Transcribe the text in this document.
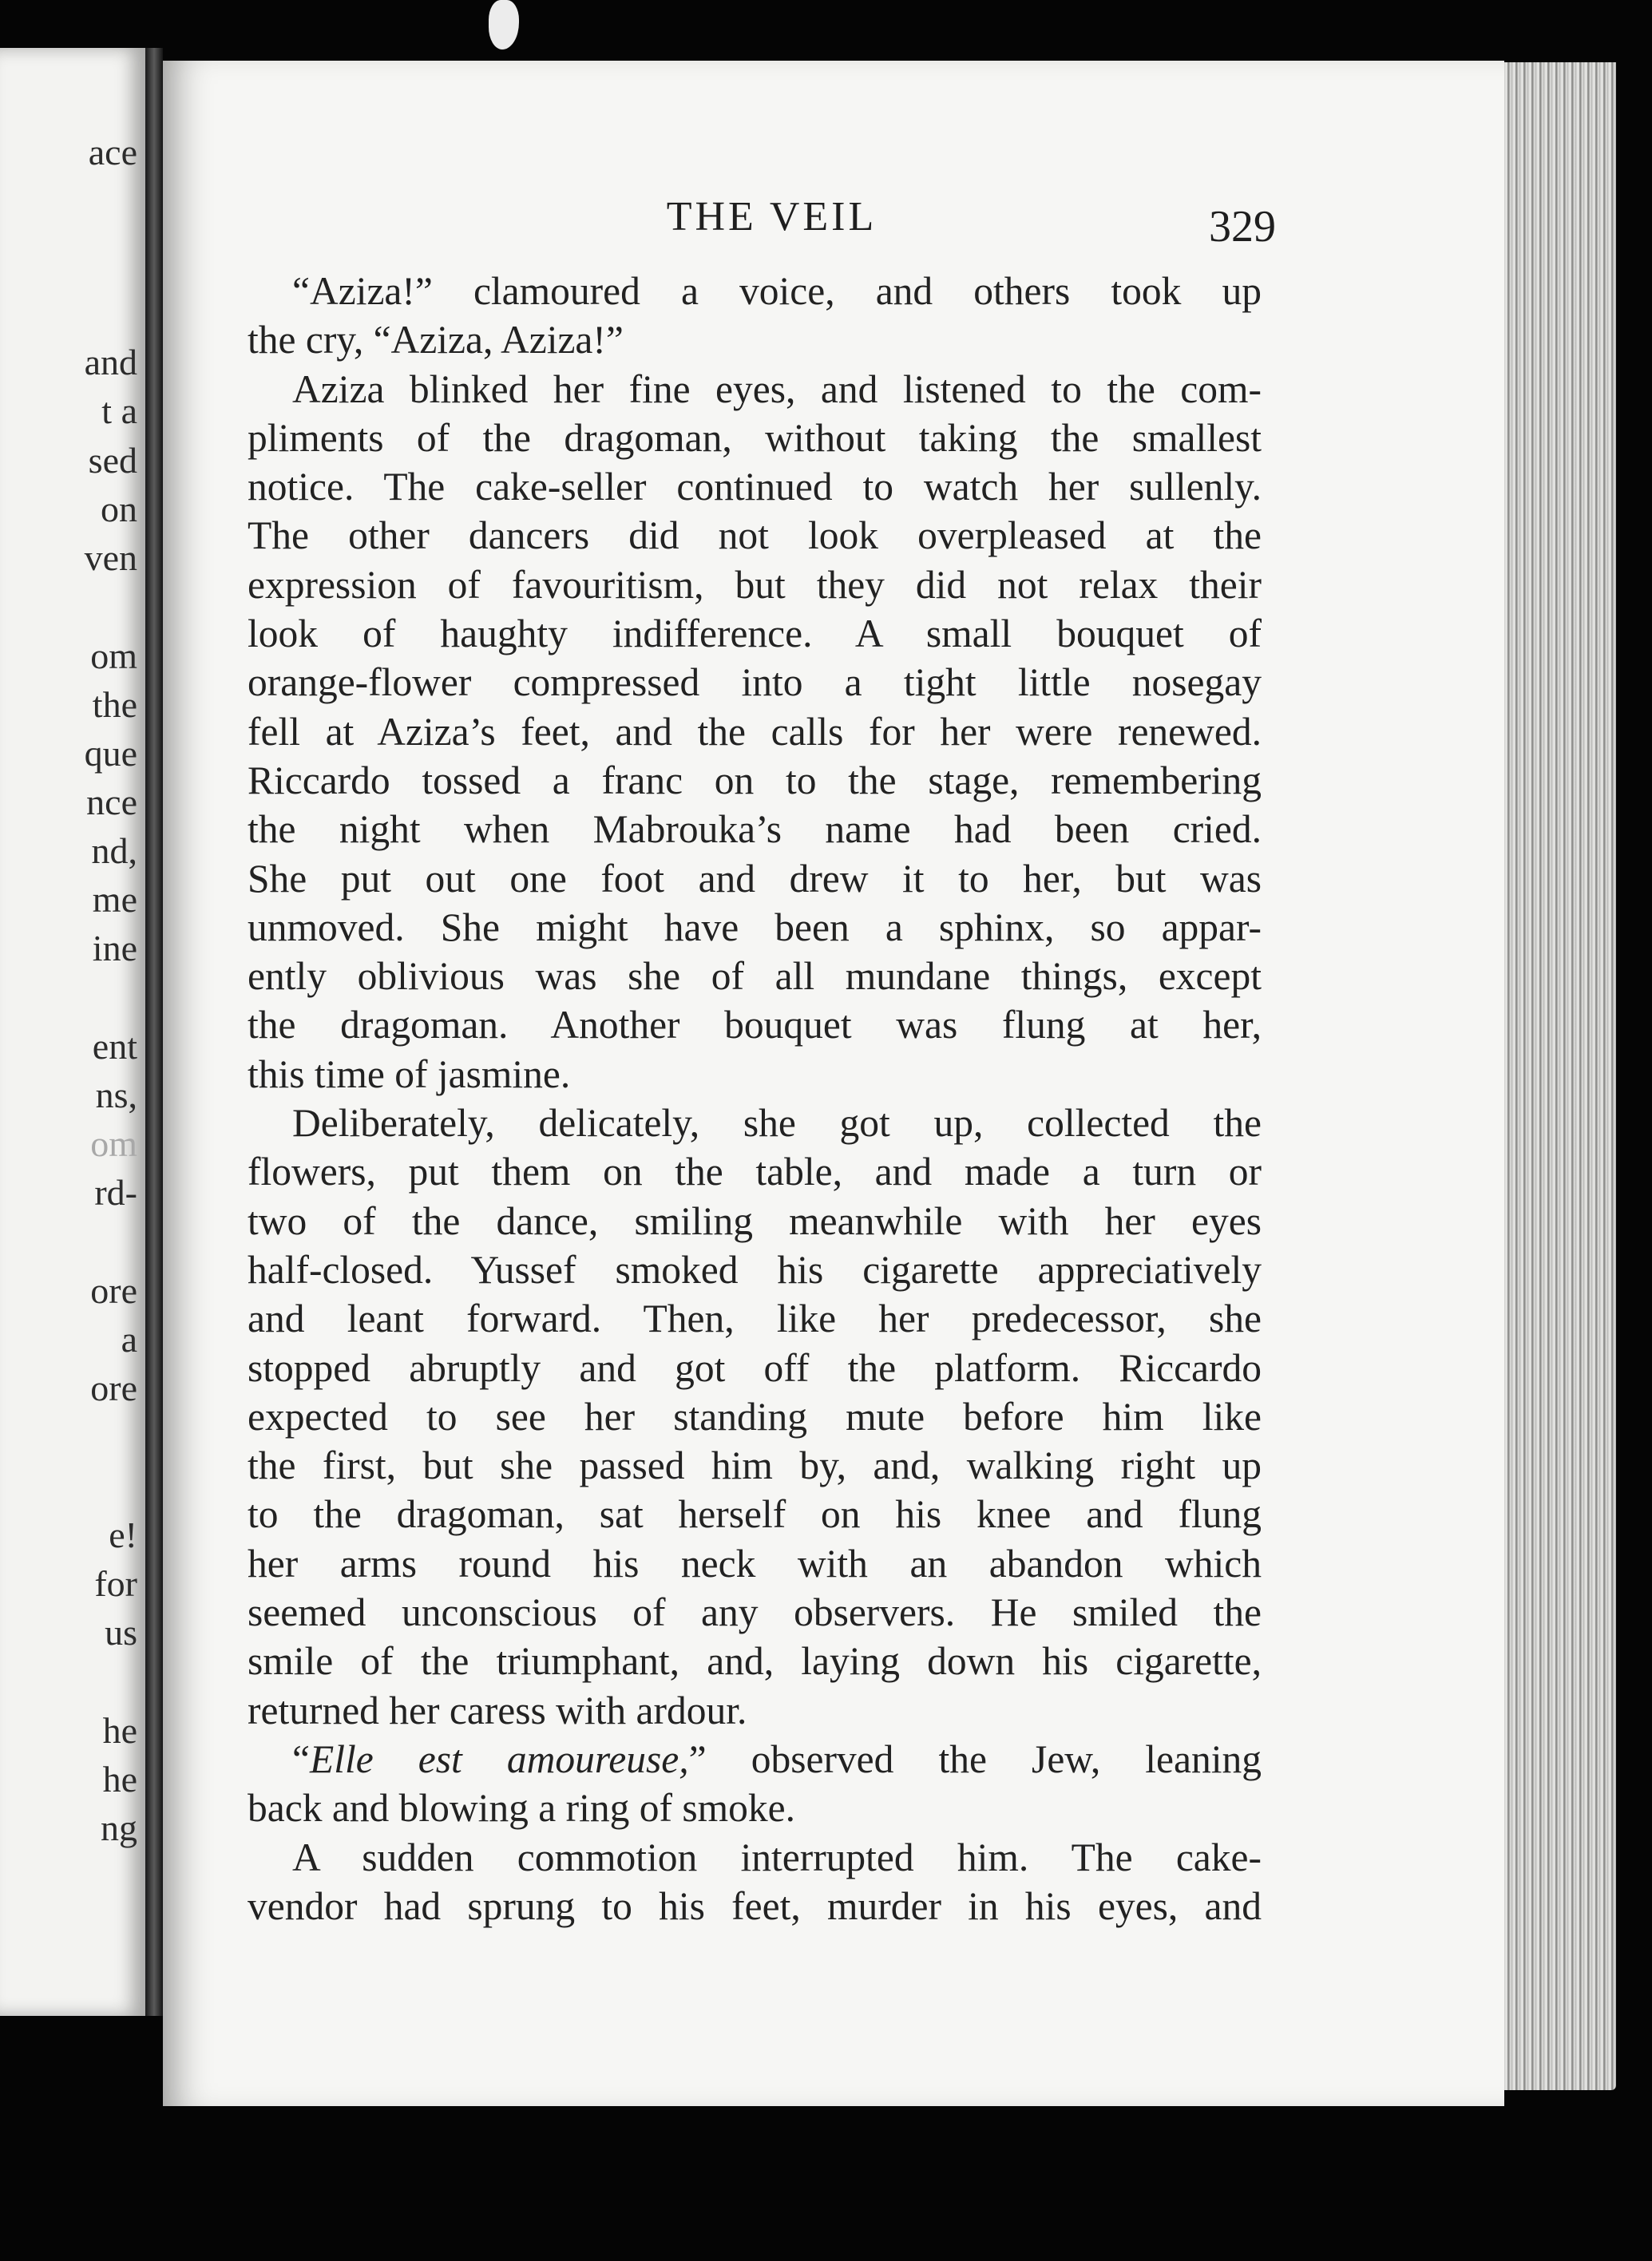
ace

and

t a

sed

on

ven

om

the

que

nce

nd,

me

ine

ent

ns,

om

rd-

ore

a

ore

e!

for

us

he

he

ng

THE VEIL	329

“Aziza!” clamoured a voice, and others took up

the cry, “Aziza, Aziza!”

Aziza blinked her fine eyes, and listened to the com-

pliments of the dragoman, without taking the smallest

notice. The cake-seller continued to watch her sullenly.

The other dancers did not look overpleased at the

expression of favouritism, but they did not relax their

look of haughty indifference. A small bouquet of

orange-flower compressed into a tight little nosegay

fell at Aziza’s feet, and the calls for her were renewed.

Riccardo tossed a franc on to the stage, remembering

the night when Mabrouka’s name had been cried.

She put out one foot and drew it to her, but was

unmoved. She might have been a sphinx, so appar-

ently oblivious was she of all mundane things, except

the dragoman. Another bouquet was flung at her,

this time of jasmine.

Deliberately, delicately, she got up, collected the

flowers, put them on the table, and made a turn or

two of the dance, smiling meanwhile with her eyes

half-closed. Yussef smoked his cigarette appreciatively

and leant forward. Then, like her predecessor, she

stopped abruptly and got off the platform. Riccardo

expected to see her standing mute before him like

the first, but she passed him by, and, walking right up

to the dragoman, sat herself on his knee and flung

her arms round his neck with an abandon which

seemed unconscious of any observers. He smiled the

smile of the triumphant, and, laying down his cigarette,

returned her caress with ardour.

“Elle est amoureuse,” observed the Jew, leaning

back and blowing a ring of smoke.

A sudden commotion interrupted him. The cake-

vendor had sprung to his feet, murder in his eyes, and
